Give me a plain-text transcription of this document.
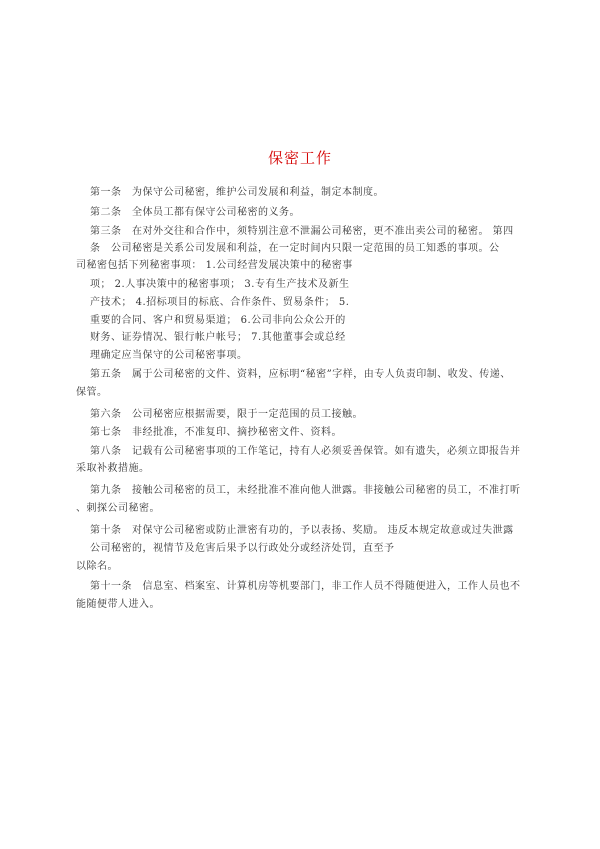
保密工作
第一条　为保守公司秘密，维护公司发展和利益，制定本制度。
第二条　全体员工都有保守公司秘密的义务。
第三条　在对外交往和合作中，须特别注意不泄漏公司秘密，更不准出卖公司的秘密。 第四
条　公司秘密是关系公司发展和利益，在一定时间内只限一定范围的员工知悉的事项。公
司秘密包括下列秘密事项： 1.公司经营发展决策中的秘密事
项； 2.人事决策中的秘密事项； 3.专有生产技术及新生
产技术； 4.招标项目的标底、合作条件、贸易条件； 5.
重要的合同、客户和贸易渠道； 6.公司非向公众公开的
财务、证券情况、银行帐户帐号； 7.其他董事会或总经
理确定应当保守的公司秘密事项。
第五条　属于公司秘密的文件、资料，应标明“秘密”字样，由专人负责印制、收发、传递、
保管。
第六条　公司秘密应根据需要，限于一定范围的员工接触。
第七条　非经批准，不准复印、摘抄秘密文件、资料。
第八条　记载有公司秘密事项的工作笔记，持有人必须妥善保管。如有遗失，必须立即报告并
采取补救措施。
第九条　接触公司秘密的员工，未经批准不准向他人泄露。非接触公司秘密的员工，不准打听
、刺探公司秘密。
第十条　对保守公司秘密或防止泄密有功的，予以表扬、奖励。 违反本规定故意或过失泄露
公司秘密的，视情节及危害后果予以行政处分或经济处罚，直至予
以除名。
第十一条　信息室、档案室、计算机房等机要部门，非工作人员不得随便进入，工作人员也不
能随便带人进入。
